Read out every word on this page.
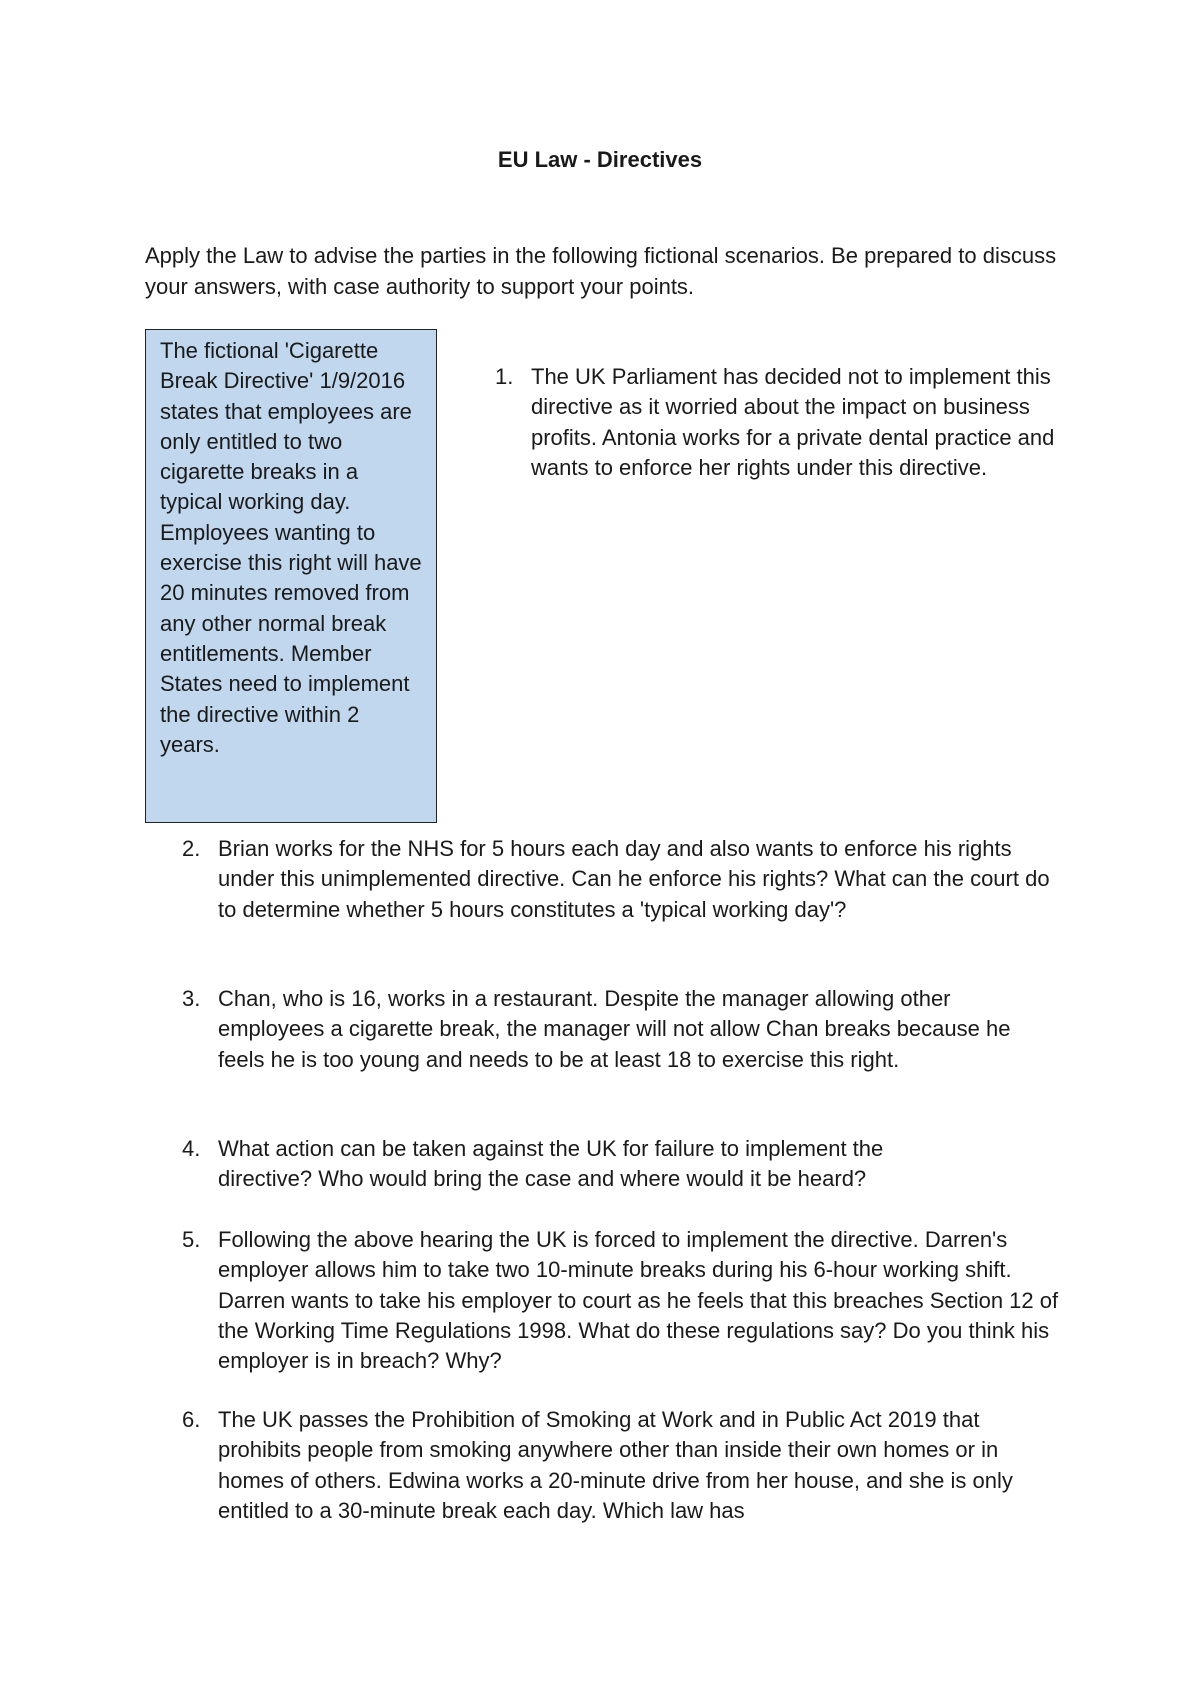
EU Law - Directives

Apply the Law to advise the parties in the following fictional scenarios. Be prepared to discuss your answers, with case authority to support your points.

The fictional 'Cigarette Break Directive' 1/9/2016 states that employees are only entitled to two cigarette breaks in a typical working day. Employees wanting to exercise this right will have 20 minutes removed from any other normal break entitlements. Member States need to implement the directive within 2 years.

1. The UK Parliament has decided not to implement this directive as it worried about the impact on business profits. Antonia works for a private dental practice and wants to enforce her rights under this directive.

2. Brian works for the NHS for 5 hours each day and also wants to enforce his rights under this unimplemented directive. Can he enforce his rights? What can the court do to determine whether 5 hours constitutes a 'typical working day'?

3. Chan, who is 16, works in a restaurant. Despite the manager allowing other employees a cigarette break, the manager will not allow Chan breaks because he feels he is too young and needs to be at least 18 to exercise this right.

4. What action can be taken against the UK for failure to implement the directive? Who would bring the case and where would it be heard?

5. Following the above hearing the UK is forced to implement the directive. Darren's employer allows him to take two 10-minute breaks during his 6-hour working shift. Darren wants to take his employer to court as he feels that this breaches Section 12 of the Working Time Regulations 1998. What do these regulations say? Do you think his employer is in breach? Why?

6. The UK passes the Prohibition of Smoking at Work and in Public Act 2019 that prohibits people from smoking anywhere other than inside their own homes or in homes of others. Edwina works a 20-minute drive from her house, and she is only entitled to a 30-minute break each day. Which law has
